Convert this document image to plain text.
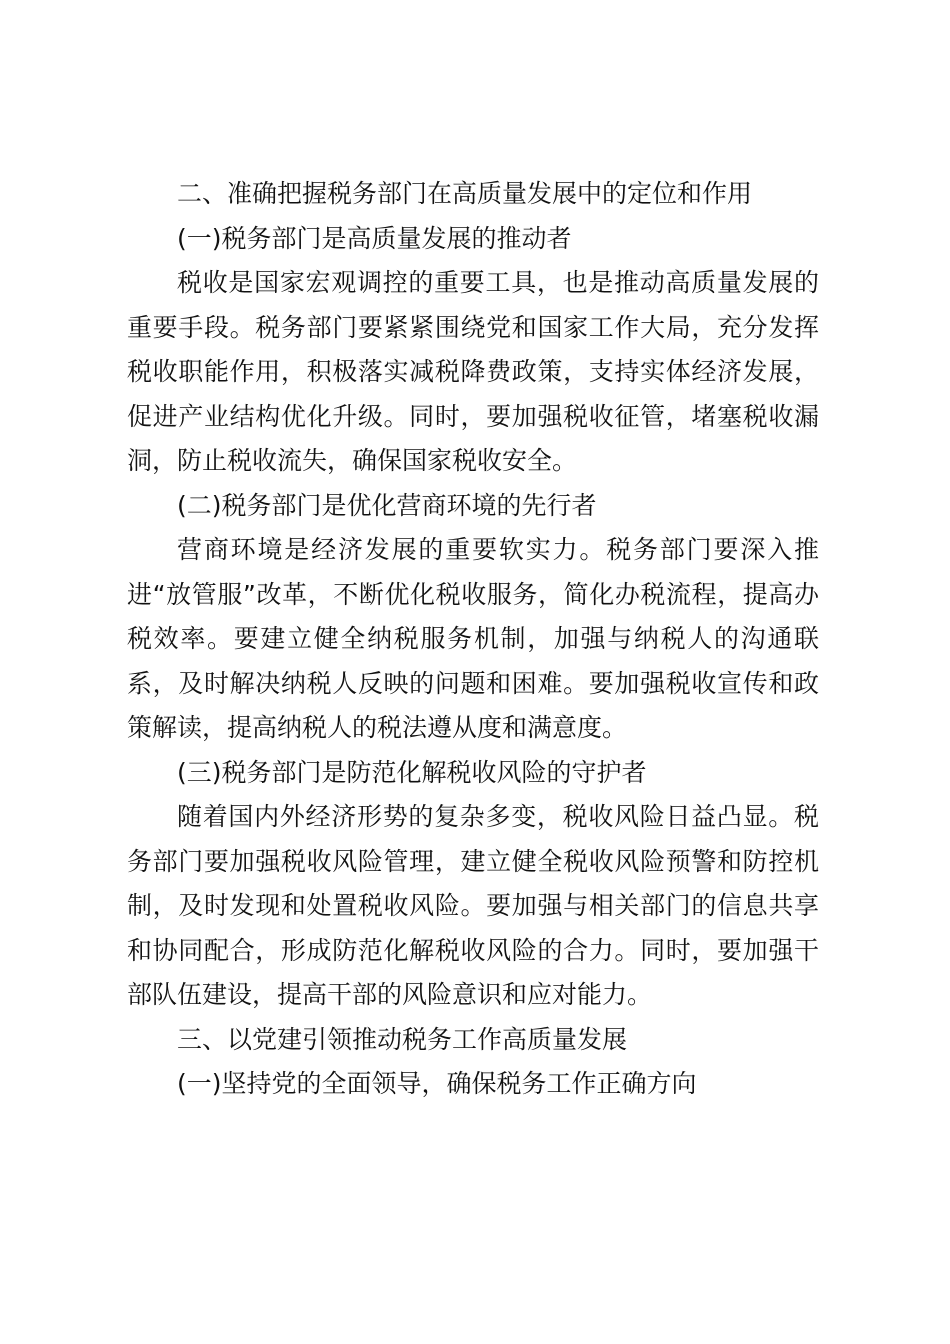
二、准确把握税务部门在高质量发展中的定位和作用

(一)税务部门是高质量发展的推动者

税收是国家宏观调控的重要工具，也是推动高质量发展的重要手段。税务部门要紧紧围绕党和国家工作大局，充分发挥税收职能作用，积极落实减税降费政策，支持实体经济发展，促进产业结构优化升级。同时，要加强税收征管，堵塞税收漏洞，防止税收流失，确保国家税收安全。

(二)税务部门是优化营商环境的先行者

营商环境是经济发展的重要软实力。税务部门要深入推进“放管服”改革，不断优化税收服务，简化办税流程，提高办税效率。要建立健全纳税服务机制，加强与纳税人的沟通联系，及时解决纳税人反映的问题和困难。要加强税收宣传和政策解读，提高纳税人的税法遵从度和满意度。

(三)税务部门是防范化解税收风险的守护者

随着国内外经济形势的复杂多变，税收风险日益凸显。税务部门要加强税收风险管理，建立健全税收风险预警和防控机制，及时发现和处置税收风险。要加强与相关部门的信息共享和协同配合，形成防范化解税收风险的合力。同时，要加强干部队伍建设，提高干部的风险意识和应对能力。

三、以党建引领推动税务工作高质量发展

(一)坚持党的全面领导，确保税务工作正确方向
